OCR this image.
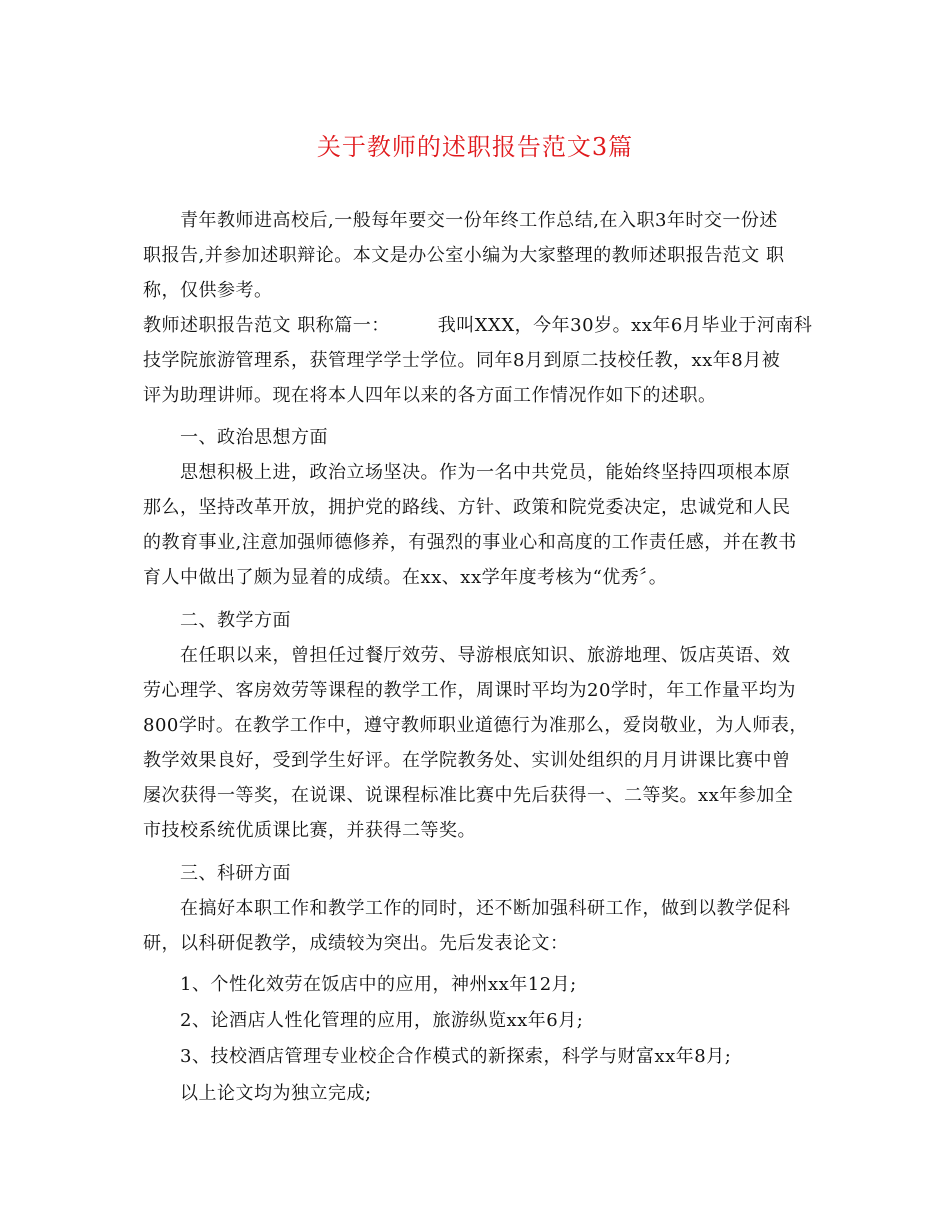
关于教师的述职报告范文3篇
青年教师进高校后,一般每年要交一份年终工作总结,在入职3年时交一份述
职报告,并参加述职辩论。本文是办公室小编为大家整理的教师述职报告范文 职
称，仅供参考。
教师述职报告范文 职称篇一：	我叫XXX，今年30岁。xx年6月毕业于河南科
技学院旅游管理系，获管理学学士学位。同年8月到原二技校任教，xx年8月被
评为助理讲师。现在将本人四年以来的各方面工作情况作如下的述职。
一、政治思想方面
思想积极上进，政治立场坚决。作为一名中共党员，能始终坚持四项根本原
那么，坚持改革开放，拥护党的路线、方针、政策和院党委决定，忠诚党和人民
的教育事业,注意加强师德修养，有强烈的事业心和高度的工作责任感，并在教书
育人中做出了颇为显着的成绩。在xx、xx学年度考核为“优秀〞。
二、教学方面
在任职以来，曾担任过餐厅效劳、导游根底知识、旅游地理、饭店英语、效
劳心理学、客房效劳等课程的教学工作，周课时平均为20学时，年工作量平均为
800学时。在教学工作中，遵守教师职业道德行为准那么，爱岗敬业，为人师表，
教学效果良好，受到学生好评。在学院教务处、实训处组织的月月讲课比赛中曾
屡次获得一等奖，在说课、说课程标准比赛中先后获得一、二等奖。xx年参加全
市技校系统优质课比赛，并获得二等奖。
三、科研方面
在搞好本职工作和教学工作的同时，还不断加强科研工作，做到以教学促科
研，以科研促教学，成绩较为突出。先后发表论文：
1、个性化效劳在饭店中的应用，神州xx年12月;
2、论酒店人性化管理的应用，旅游纵览xx年6月;
3、技校酒店管理专业校企合作模式的新探索，科学与财富xx年8月;
以上论文均为独立完成;
